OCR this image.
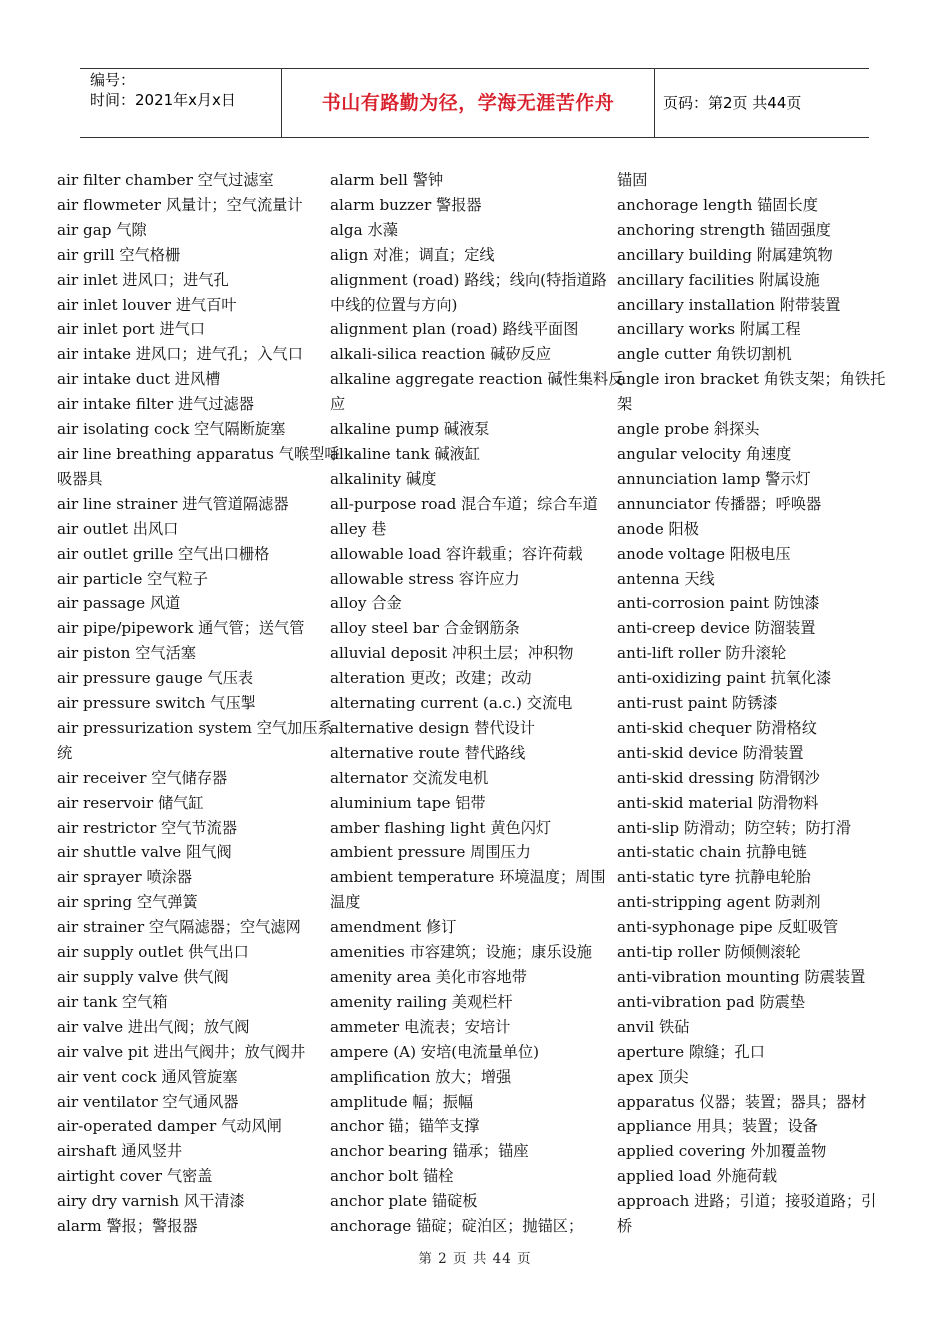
编号：
时间：2021年x月x日	书山有路勤为径，学海无涯苦作舟	页码：第2页 共44页
air filter chamber 空气过滤室
air flowmeter 风量计；空气流量计
air gap 气隙
air grill 空气格栅
air inlet 进风口；进气孔
air inlet louver 进气百叶
air inlet port 进气口
air intake 进风口；进气孔；入气口
air intake duct 进风槽
air intake filter 进气过滤器
air isolating cock 空气隔断旋塞
air line breathing apparatus 气喉型呼
吸器具
air line strainer 进气管道隔滤器
air outlet 出风口
air outlet grille 空气出口栅格
air particle 空气粒子
air passage 风道
air pipe/pipework 通气管；送气管
air piston 空气活塞
air pressure gauge 气压表
air pressure switch 气压掣
air pressurization system 空气加压系
统
air receiver 空气储存器
air reservoir 储气缸
air restrictor 空气节流器
air shuttle valve 阻气阀
air sprayer 喷涂器
air spring 空气弹簧
air strainer 空气隔滤器；空气滤网
air supply outlet 供气出口
air supply valve 供气阀
air tank 空气箱
air valve 进出气阀；放气阀
air valve pit 进出气阀井；放气阀井
air vent cock 通风管旋塞
air ventilator 空气通风器
air-operated damper 气动风闸
airshaft 通风竖井
airtight cover 气密盖
airy dry varnish 风干清漆
alarm 警报；警报器
alarm bell 警钟
alarm buzzer 警报器
alga 水藻
align 对准；调直；定线
alignment (road) 路线；线向(特指道路
中线的位置与方向)
alignment plan (road) 路线平面图
alkali-silica reaction 碱矽反应
alkaline aggregate reaction 碱性集料反
应
alkaline pump 碱液泵
alkaline tank 碱液缸
alkalinity 碱度
all-purpose road 混合车道；综合车道
alley 巷
allowable load 容许载重；容许荷载
allowable stress 容许应力
alloy 合金
alloy steel bar 合金钢筋条
alluvial deposit 冲积土层；冲积物
alteration 更改；改建；改动
alternating current (a.c.) 交流电
alternative design 替代设计
alternative route 替代路线
alternator 交流发电机
aluminium tape 铝带
amber flashing light 黄色闪灯
ambient pressure 周围压力
ambient temperature 环境温度；周围
温度
amendment 修订
amenities 市容建筑；设施；康乐设施
amenity area 美化市容地带
amenity railing 美观栏杆
ammeter 电流表；安培计
ampere (A) 安培(电流量单位)
amplification 放大；增强
amplitude 幅；振幅
anchor 锚；锚竿支撑
anchor bearing 锚承；锚座
anchor bolt 锚栓
anchor plate 锚碇板
anchorage 锚碇；碇泊区；抛锚区；
锚固
anchorage length 锚固长度
anchoring strength 锚固强度
ancillary building 附属建筑物
ancillary facilities 附属设施
ancillary installation 附带装置
ancillary works 附属工程
angle cutter 角铁切割机
angle iron bracket 角铁支架；角铁托
架
angle probe 斜探头
angular velocity 角速度
annunciation lamp 警示灯
annunciator 传播器；呼唤器
anode 阳极
anode voltage 阳极电压
antenna 天线
anti-corrosion paint 防蚀漆
anti-creep device 防溜装置
anti-lift roller 防升滚轮
anti-oxidizing paint 抗氧化漆
anti-rust paint 防锈漆
anti-skid chequer 防滑格纹
anti-skid device 防滑装置
anti-skid dressing 防滑钢沙
anti-skid material 防滑物料
anti-slip 防滑动；防空转；防打滑
anti-static chain 抗静电链
anti-static tyre 抗静电轮胎
anti-stripping agent 防剥剂
anti-syphonage pipe 反虹吸管
anti-tip roller 防倾侧滚轮
anti-vibration mounting 防震装置
anti-vibration pad 防震垫
anvil 铁砧
aperture 隙缝；孔口
apex 顶尖
apparatus 仪器；装置；器具；器材
appliance 用具；装置；设备
applied covering 外加覆盖物
applied load 外施荷载
approach 进路；引道；接驳道路；引
桥
第 2 页 共 44 页
